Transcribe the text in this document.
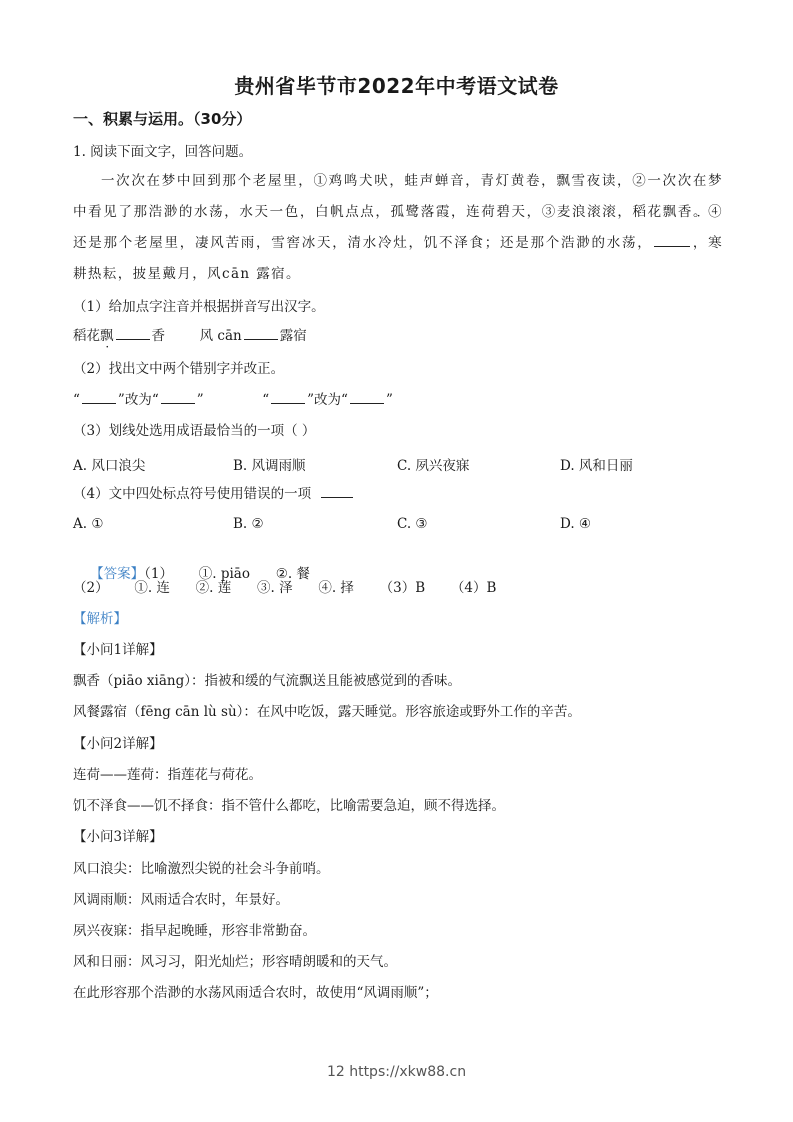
贵州省毕节市2022年中考语文试卷
一、积累与运用。（30分）
1. 阅读下面文字，回答问题。
一次次在梦中回到那个老屋里，①鸡鸣犬吠，蛙声蝉音，青灯黄卷，飘雪夜读，②一次次在梦中看见了那浩渺的水荡，水天一色，白帆点点，孤鹭落霞，连荷碧天，③麦浪滚滚，稻花飘 ·香。④还是那个老屋里，凄风苦雨，雪窖冰天，清水冷灶，饥不泽食；还是那个浩渺的水荡，	，寒耕热耘，披星戴月，风cān 露宿。
（1）给加点字注音并根据拼音写出汉字。
稻花飘	香	风 cān	露宿
（2）找出文中两个错别字并改正。
“	”改为“	”	“	”改为“	”
（3）划线处选用成语最恰当的一项（ ）
A. 风口浪尖	B. 风调雨顺	C. 夙兴夜寐	D. 风和日丽
（4）文中四处标点符号使用错误的一项
A. ①	B. ②	C. ③	D. ④

【答案】（1）      ①. piāo      ②. 餐

（2）      ①. 连      ②. 莲      ③. 泽      ④. 择      （3）B      （4）B
【解析】
【小问1详解】
飘香（piāo xiāng）：指被和缓的气流飘送且能被感觉到的香味。
风餐露宿（fēng cān lù sù）：在风中吃饭，露天睡觉。形容旅途或野外工作的辛苦。
【小问2详解】
连荷——莲荷：指莲花与荷花。
饥不泽食——饥不择食：指不管什么都吃，比喻需要急迫，顾不得选择。
【小问3详解】
风口浪尖：比喻激烈尖锐的社会斗争前哨。
风调雨顺：风雨适合农时，年景好。
夙兴夜寐：指早起晚睡，形容非常勤奋。
风和日丽：风习习，阳光灿烂；形容晴朗暖和的天气。
在此形容那个浩渺的水荡风雨适合农时，故使用“风调雨顺”；
12 https://xkw88.cn
